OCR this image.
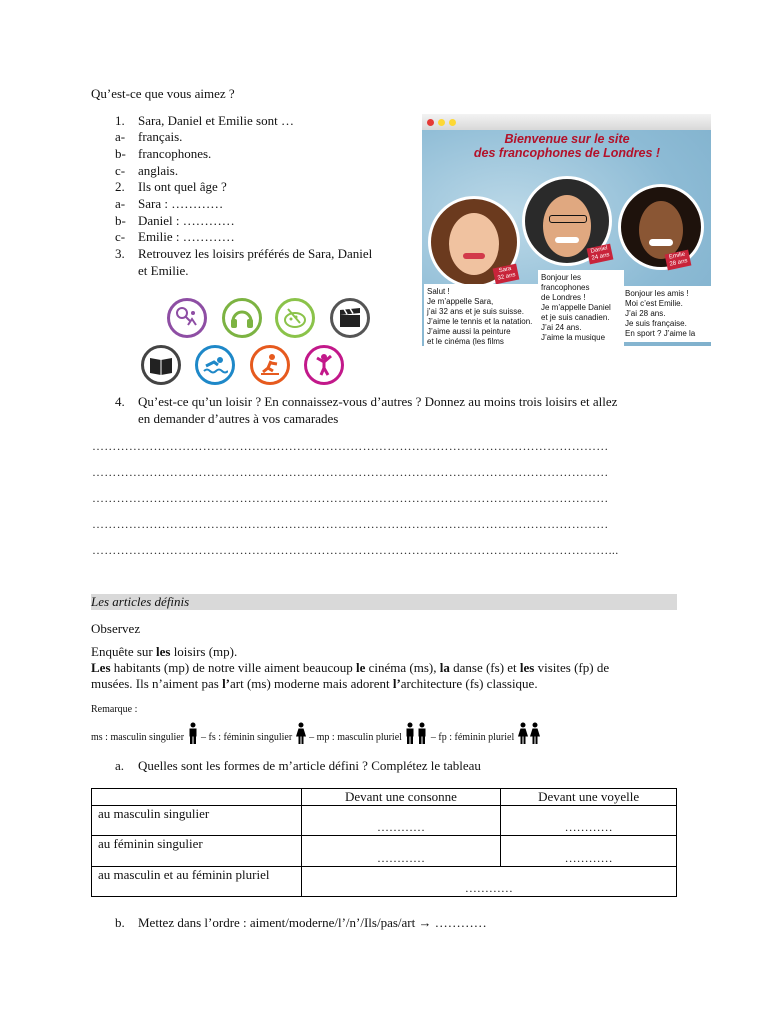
Qu’est-ce que vous aimez ?
1. Sara, Daniel et Emilie sont …
a- français.
b- francophones.
c- anglais.
2. Ils ont quel âge ?
a- Sara : …………
b- Daniel : …………
c- Emilie : …………
3. Retrouvez les loisirs préférés de Sara, Daniel
et Emilie.
Bienvenue sur le site
des francophones de Londres !
Sara
32 ans
Salut !
Je m’appelle Sara,
j’ai 32 ans et je suis suisse.
J’aime le tennis et la natation.
J’aime aussi la peinture
et le cinéma (les films
Daniel
24 ans
Bonjour les
francophones
de Londres !
Je m’appelle Daniel
et je suis canadien.
J’ai 24 ans.
J’aime la musique
Emilie
28 ans
Bonjour les amis !
Moi c’est Emilie.
J’ai 28 ans.
Je suis française.
En sport ? J’aime la
4. Qu’est-ce qu’un loisir ? En connaissez-vous d’autres ? Donnez au moins trois loisirs et allez
en demander d’autres à vos camarades
………………………………………………………………………………………………………………
………………………………………………………………………………………………………………
………………………………………………………………………………………………………………
………………………………………………………………………………………………………………
………………………………………………………………………………………………………………...
Les articles définis
Observez
Enquête sur les loisirs (mp).
Les habitants (mp) de notre ville aiment beaucoup le cinéma (ms), la danse (fs) et les visites (fp) de
musées. Ils n’aiment pas l’art (ms) moderne mais adorent l’architecture (fs) classique.
Remarque :
ms : masculin singulier – fs : féminin singulier – mp : masculin pluriel	– fp : féminin pluriel
a. Quelles sont les formes de m’article défini ? Complétez le tableau
	Devant une consonne	Devant une voyelle
au masculin singulier	…………	…………

au féminin singulier	…………	…………

au masculin et au féminin pluriel	…………	
b. Mettez dans l’ordre : aiment/moderne/l’/n’/Ils/pas/art → …………
